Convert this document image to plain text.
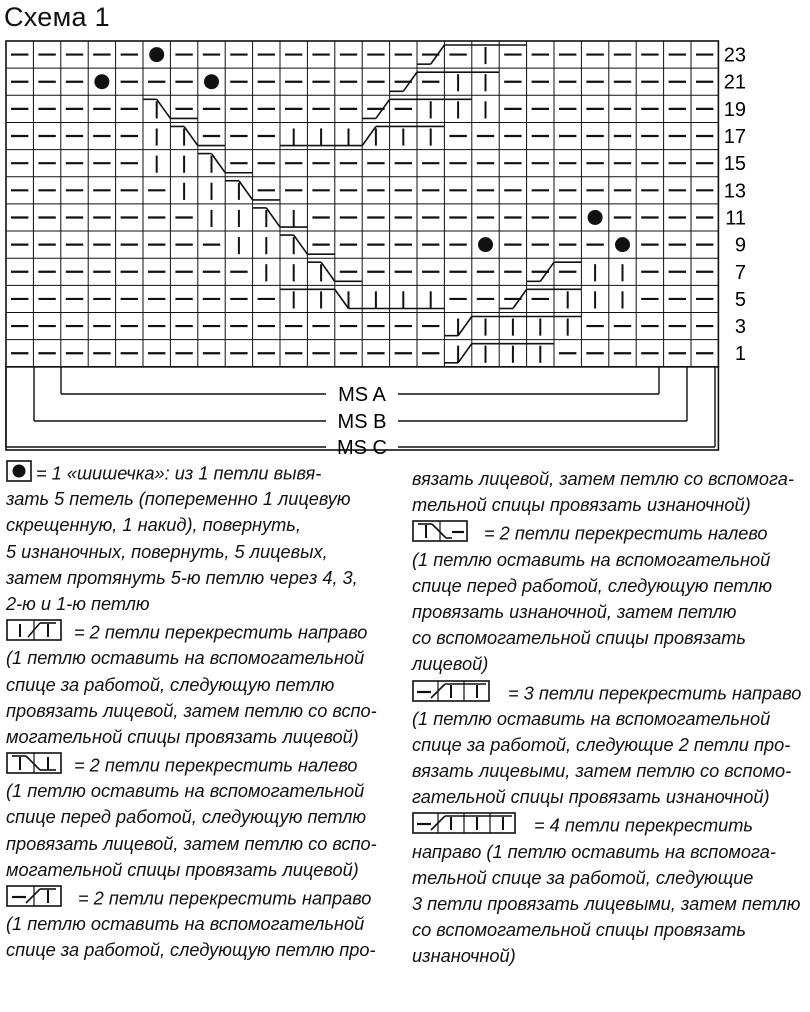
Схема 1
23
21
19
17
15
13
11
9
7
5
3
1
MS A
MS B
MS C
= 1 «шишечка»: из 1 петли вывя-
зать 5 петель (попеременно 1 лицевую
скрещенную, 1 накид), повернуть,
5 изнаночных, повернуть, 5 лицевых,
затем протянуть 5-ю петлю через 4, 3,
2-ю и 1-ю петлю
= 2 петли перекрестить направо
(1 петлю оставить на вспомогательной
спице за работой, следующую петлю
провязать лицевой, затем петлю со вспо-
могательной спицы провязать лицевой)
= 2 петли перекрестить налево
(1 петлю оставить на вспомогательной
спице перед работой, следующую петлю
провязать лицевой, затем петлю со вспо-
могательной спицы провязать лицевой)
= 2 петли перекрестить направо
(1 петлю оставить на вспомогательной
спице за работой, следующую петлю про-
вязать лицевой, затем петлю со вспомога-
тельной спицы провязать изнаночной)
= 2 петли перекрестить налево
(1 петлю оставить на вспомогательной
спице перед работой, следующую петлю
провязать изнаночной, затем петлю
со вспомогательной спицы провязать
лицевой)
= 3 петли перекрестить направо
(1 петлю оставить на вспомогательной
спице за работой, следующие 2 петли про-
вязать лицевыми, затем петлю со вспомо-
гательной спицы провязать изнаночной)
= 4 петли перекрестить
направо (1 петлю оставить на вспомога-
тельной спице за работой, следующие
3 петли провязать лицевыми, затем петлю
со вспомогательной спицы провязать
изнаночной)
